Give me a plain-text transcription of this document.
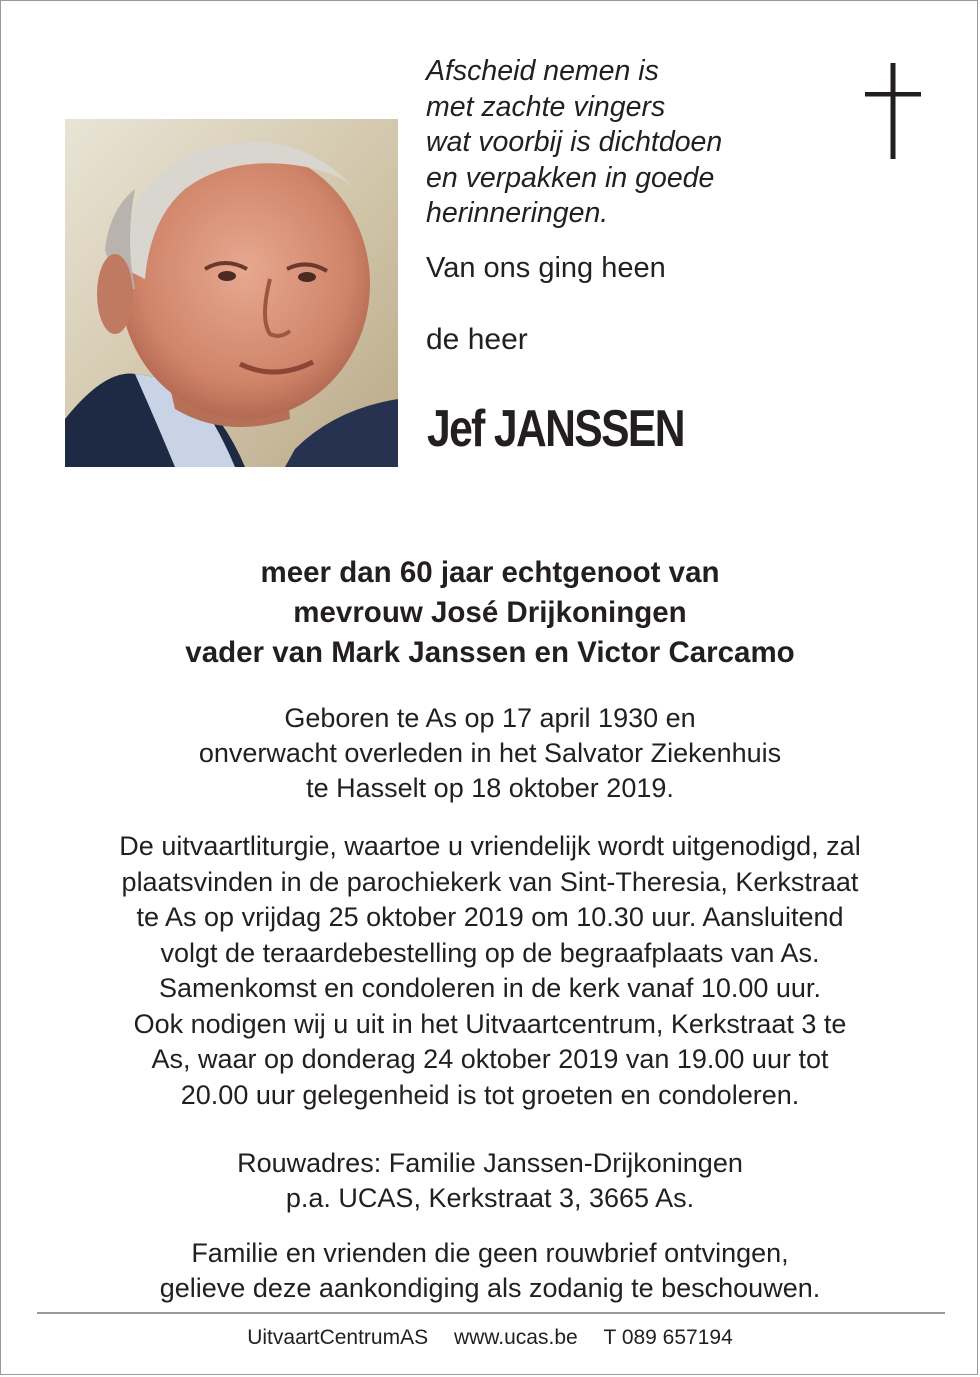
Afscheid nemen is
met zachte vingers
wat voorbij is dichtdoen
en verpakken in goede
herinneringen.
Van ons ging heen
de heer
Jef JANSSEN
meer dan 60 jaar echtgenoot van
mevrouw José Drijkoningen
vader van Mark Janssen en Victor Carcamo
Geboren te As op 17 april 1930 en
onverwacht overleden in het Salvator Ziekenhuis
te Hasselt op 18 oktober 2019.
De uitvaartliturgie, waartoe u vriendelijk wordt uitgenodigd, zal
plaatsvinden in de parochiekerk van Sint-Theresia, Kerkstraat
te As op vrijdag 25 oktober 2019 om 10.30 uur. Aansluitend
volgt de teraardebestelling op de begraafplaats van As.
Samenkomst en condoleren in de kerk vanaf 10.00 uur.
Ook nodigen wij u uit in het Uitvaartcentrum, Kerkstraat 3 te
As, waar op donderag 24 oktober 2019 van 19.00 uur tot
20.00 uur gelegenheid is tot groeten en condoleren.
Rouwadres: Familie Janssen-Drijkoningen
p.a. UCAS, Kerkstraat 3, 3665 As.
Familie en vrienden die geen rouwbrief ontvingen,
gelieve deze aankondiging als zodanig te beschouwen.
UitvaartCentrumAS www.ucas.be T 089 657194
